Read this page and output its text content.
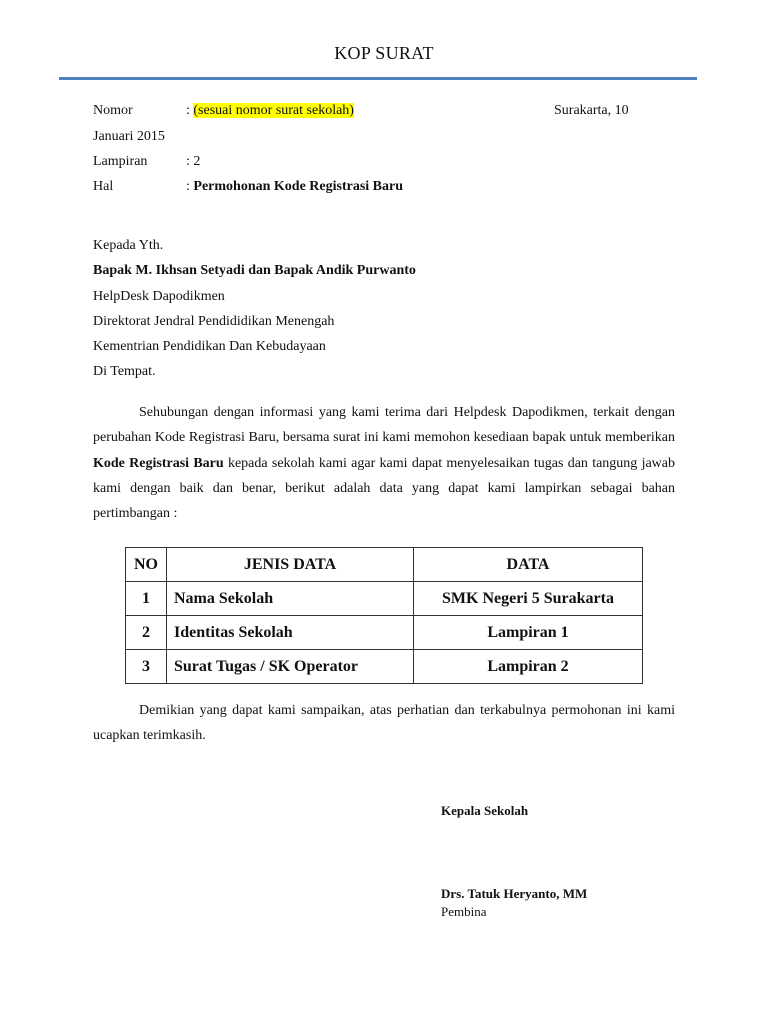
KOP SURAT
Nomor	: (sesuai nomor surat sekolah)	Surakarta, 10
Januari 2015
Lampiran	: 2
Hal	: Permohonan Kode Registrasi Baru
Kepada Yth.
Bapak M. Ikhsan Setyadi dan Bapak Andik Purwanto
HelpDesk Dapodikmen
Direktorat Jendral Pendididikan Menengah
Kementrian Pendidikan Dan Kebudayaan
Di Tempat.
Sehubungan dengan informasi yang kami terima dari Helpdesk Dapodikmen, terkait dengan perubahan Kode Registrasi Baru, bersama surat ini kami memohon kesediaan bapak untuk memberikan Kode Registrasi Baru kepada sekolah kami agar kami dapat menyelesaikan tugas dan tangung jawab kami dengan baik dan benar, berikut adalah data yang dapat kami lampirkan sebagai bahan pertimbangan :
NO	JENIS DATA	DATA
1	Nama Sekolah	SMK Negeri 5 Surakarta
2	Identitas Sekolah	Lampiran 1
3	Surat Tugas / SK Operator	Lampiran 2
Demikian yang dapat kami sampaikan, atas perhatian dan terkabulnya permohonan ini kami ucapkan terimkasih.
Kepala Sekolah
Drs. Tatuk Heryanto, MM
Pembina
